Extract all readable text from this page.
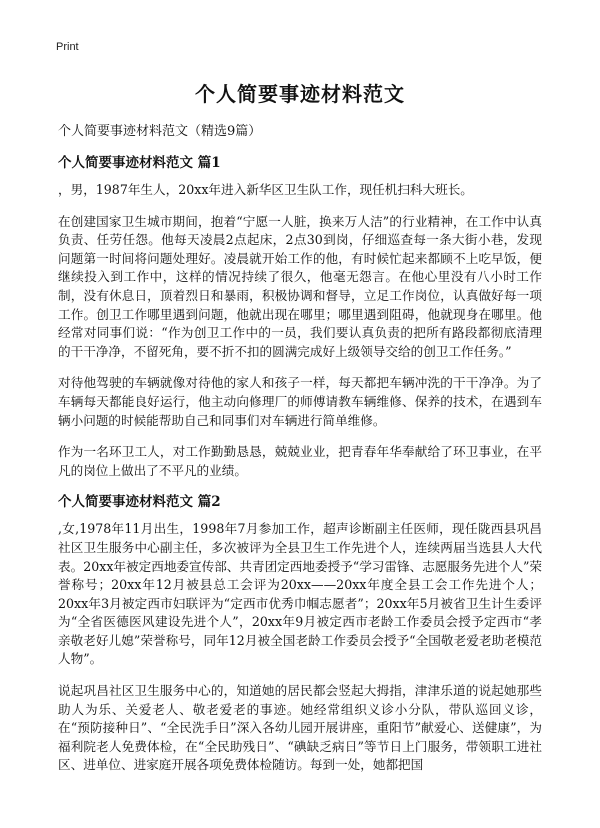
Print
个人简要事迹材料范文
个人简要事迹材料范文（精选9篇）
个人简要事迹材料范文 篇1

，男，1987年生人，20xx年进入新华区卫生队工作，现任机扫科大班长。

在创建国家卫生城市期间，抱着“宁愿一人脏，换来万人洁”的行业精神，在工作中认真负责、任劳任怨。他每天凌晨2点起床，2点30到岗，仔细巡查每一条大街小巷，发现问题第一时间将问题处理好。凌晨就开始工作的他，有时候忙起来都顾不上吃早饭，便继续投入到工作中，这样的情况持续了很久，他毫无怨言。在他心里没有八小时工作制，没有休息日，顶着烈日和暴雨，积极协调和督导，立足工作岗位，认真做好每一项工作。创卫工作哪里遇到问题，他就出现在哪里；哪里遇到阻碍，他就现身在哪里。他经常对同事们说：“作为创卫工作中的一员，我们要认真负责的把所有路段都彻底清理的干干净净，不留死角，要不折不扣的圆满完成好上级领导交给的创卫工作任务。”

对待他驾驶的车辆就像对待他的家人和孩子一样，每天都把车辆冲洗的干干净净。为了车辆每天都能良好运行，他主动向修理厂的师傅请教车辆维修、保养的技术，在遇到车辆小问题的时候能帮助自己和同事们对车辆进行简单维修。

作为一名环卫工人，对工作勤勤恳恳，兢兢业业，把青春年华奉献给了环卫事业，在平凡的岗位上做出了不平凡的业绩。

个人简要事迹材料范文 篇2

,女,1978年11月出生，1998年7月参加工作，超声诊断副主任医师，现任陇西县巩昌社区卫生服务中心副主任，多次被评为全县卫生工作先进个人，连续两届当选县人大代表。20xx年被定西地委宣传部、共青团定西地委授予“学习雷锋、志愿服务先进个人”荣誉称号；20xx年12月被县总工会评为20xx——20xx年度全县工会工作先进个人；20xx年3月被定西市妇联评为“定西市优秀巾帼志愿者”；20xx年5月被省卫生计生委评为“全省医德医风建设先进个人”，20xx年9月被定西市老龄工作委员会授予定西市“孝亲敬老好儿媳”荣誉称号，同年12月被全国老龄工作委员会授予“全国敬老爱老助老模范人物”。

说起巩昌社区卫生服务中心的，知道她的居民都会竖起大拇指，津津乐道的说起她那些助人为乐、关爱老人、敬老爱老的事迹。她经常组织义诊小分队，带队巡回义诊，在“预防接种日”、“全民洗手日”深入各幼儿园开展讲座，重阳节”献爱心、送健康”，为福利院老人免费体检，在“全民助残日”、“碘缺乏病日”等节日上门服务，带领职工进社区、进单位、进家庭开展各项免费体检随访。每到一处，她都把国
